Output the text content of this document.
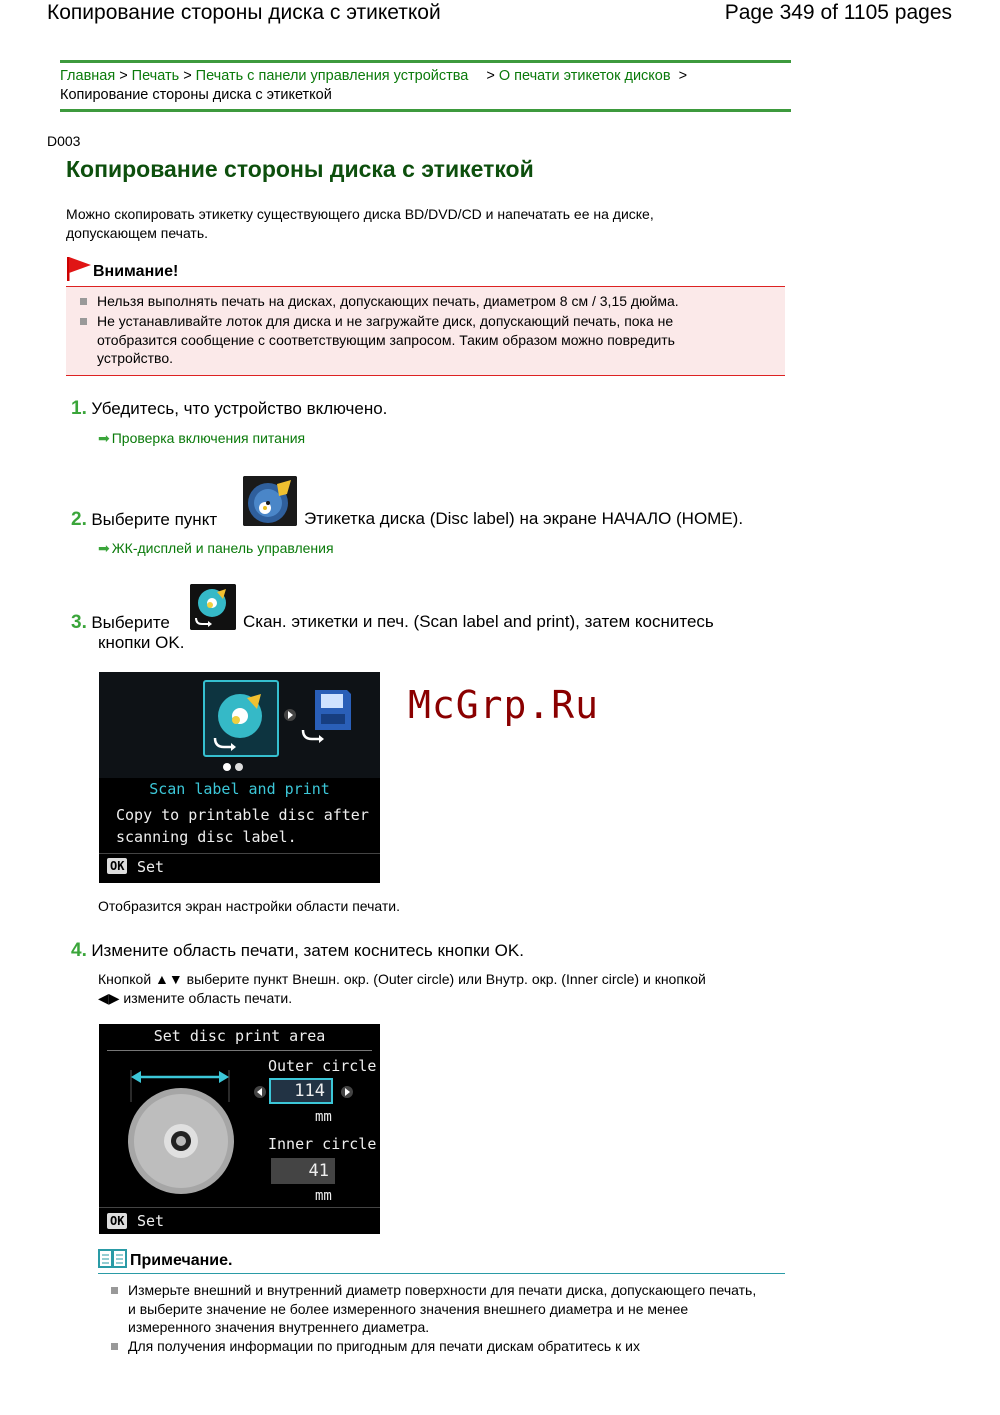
Копирование стороны диска с этикеткой	Page 349 of 1105 pages
Главная > Печать > Печать с панели управления устройства > О печати этикеток дисков >
Копирование стороны диска с этикеткой
D003
Копирование стороны диска с этикеткой
Можно скопировать этикетку существующего диска BD/DVD/CD и напечатать ее на диске, допускающем печать.
Внимание!
Нельзя выполнять печать на дисках, допускающих печать, диаметром 8 см / 3,15 дюйма.
Не устанавливайте лоток для диска и не загружайте диск, допускающий печать, пока не отобразится сообщение с соответствующим запросом. Таким образом можно повредить устройство.
1. Убедитесь, что устройство включено.
➡ Проверка включения питания
2. Выберите пункт	Этикетка диска (Disc label) на экране НАЧАЛО (HOME).
➡ ЖК-дисплей и панель управления
3. Выберите	Скан. этикетки и печ. (Scan label and print), затем коснитесь
кнопки OK.
Scan label and print
Copy to printable disc after
scanning disc label.
OK Set
Отобразится экран настройки области печати.
4. Измените область печати, затем коснитесь кнопки OK.
Кнопкой ▲▼ выберите пункт Внешн. окр. (Outer circle) или Внутр. окр. (Inner circle) и кнопкой
◀▶ измените область печати.
Set disc print area
Outer circle
114
mm
Inner circle
41
mm
OK Set
Примечание.
Измерьте внешний и внутренний диаметр поверхности для печати диска, допускающего печать, и выберите значение не более измеренного значения внешнего диаметра и не менее измеренного значения внутреннего диаметра.
Для получения информации по пригодным для печати дискам обратитесь к их
McGrp.Ru
